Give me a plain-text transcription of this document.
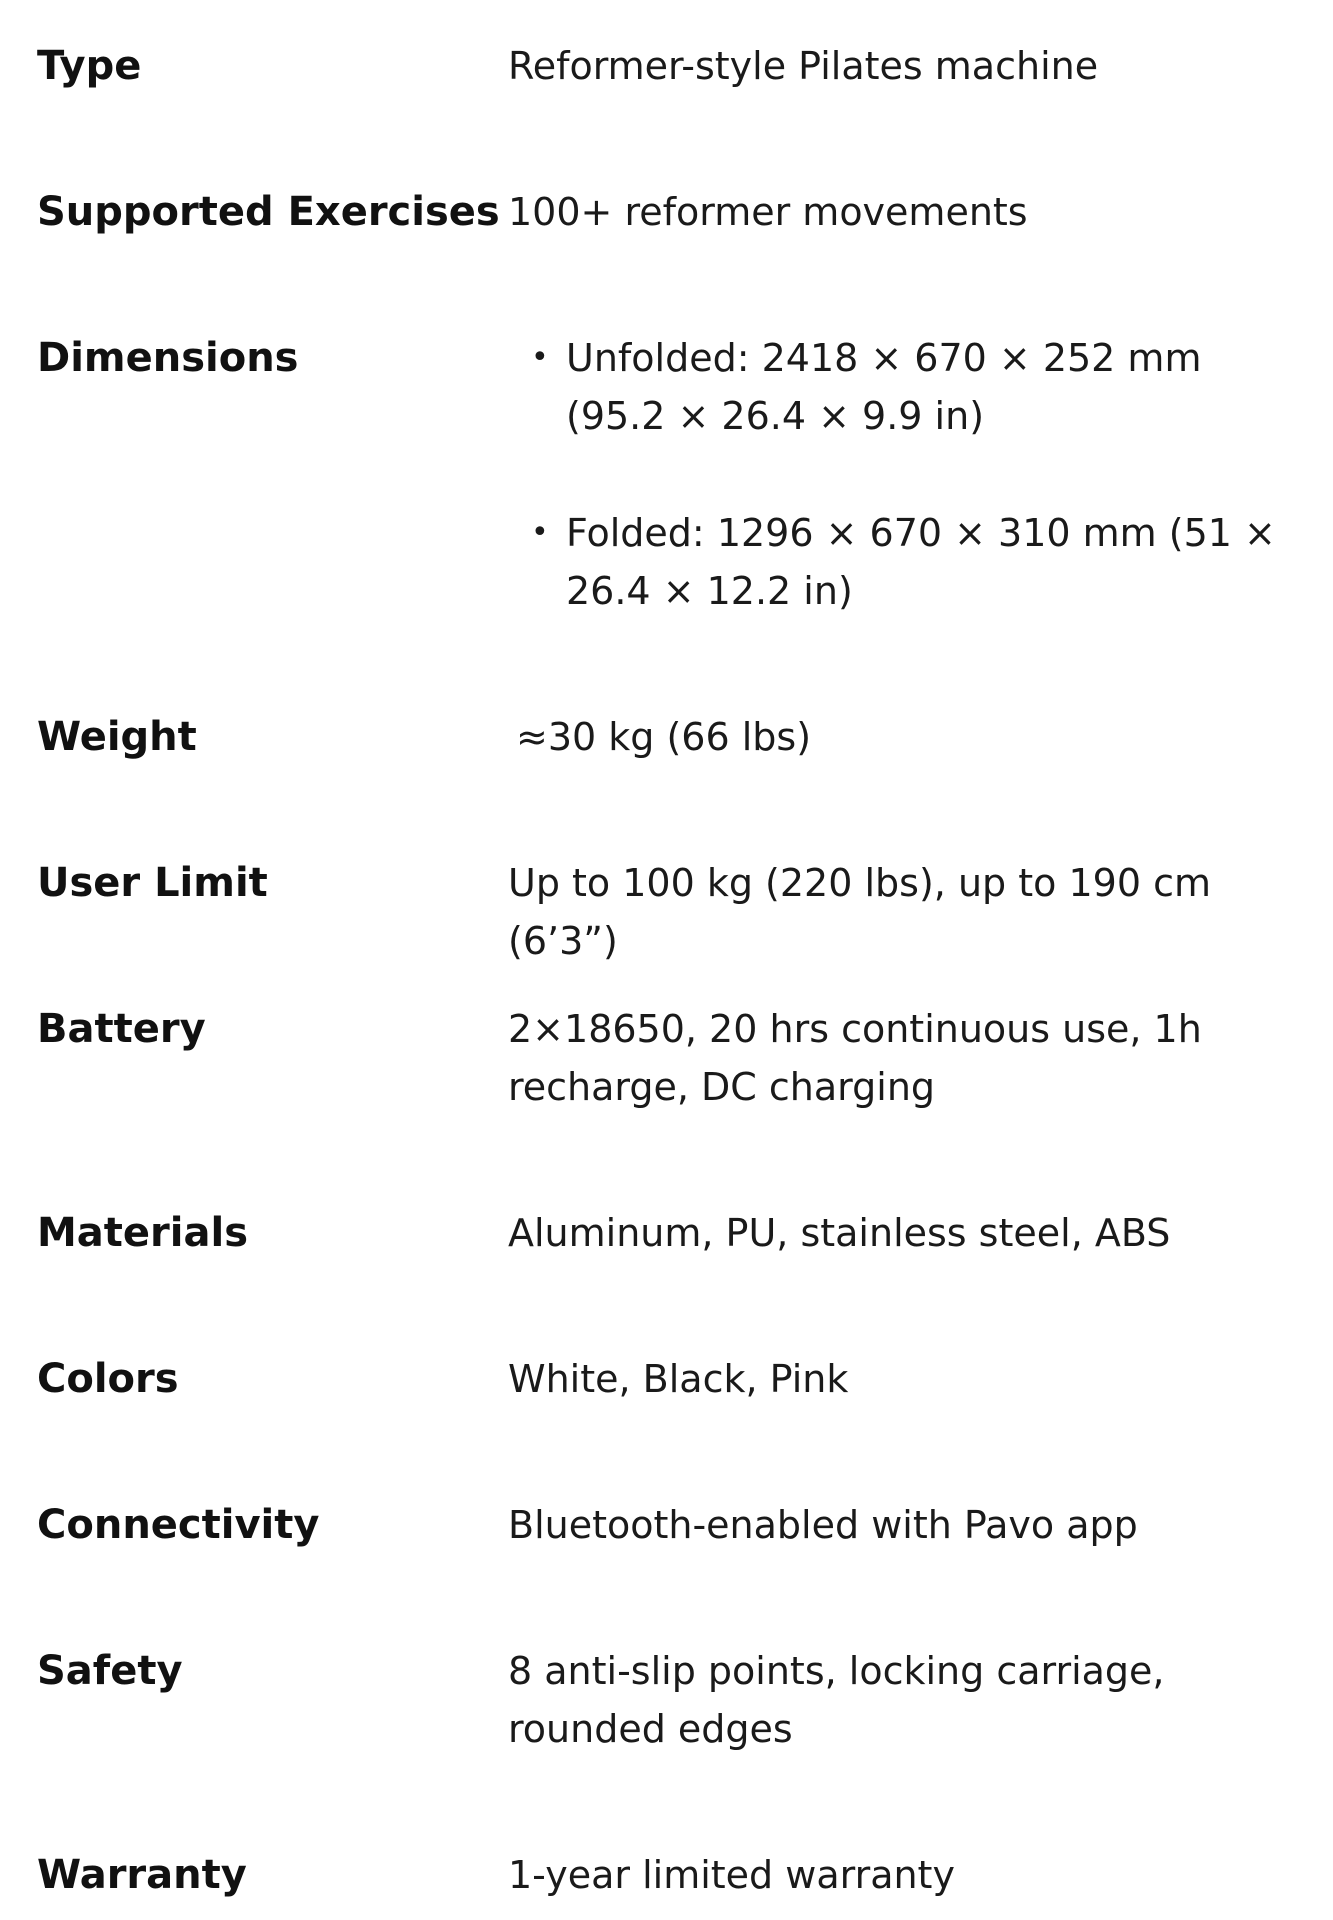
Type	Reformer-style Pilates machine
Supported Exercises 100+ reformer movements
Dimensions	• Unfolded: 2418 × 670 × 252 mm (95.2 × 26.4 × 9.9 in)
• Folded: 1296 × 670 × 310 mm (51 × 26.4 × 12.2 in)
Weight	≈30 kg (66 lbs)
User Limit	Up to 100 kg (220 lbs), up to 190 cm (6’3”)
Battery	2×18650, 20 hrs continuous use, 1h recharge, DC charging
Materials	Aluminum, PU, stainless steel, ABS
Colors	White, Black, Pink
Connectivity	Bluetooth-enabled with Pavo app
Safety	8 anti-slip points, locking carriage, rounded edges
Warranty	1-year limited warranty
